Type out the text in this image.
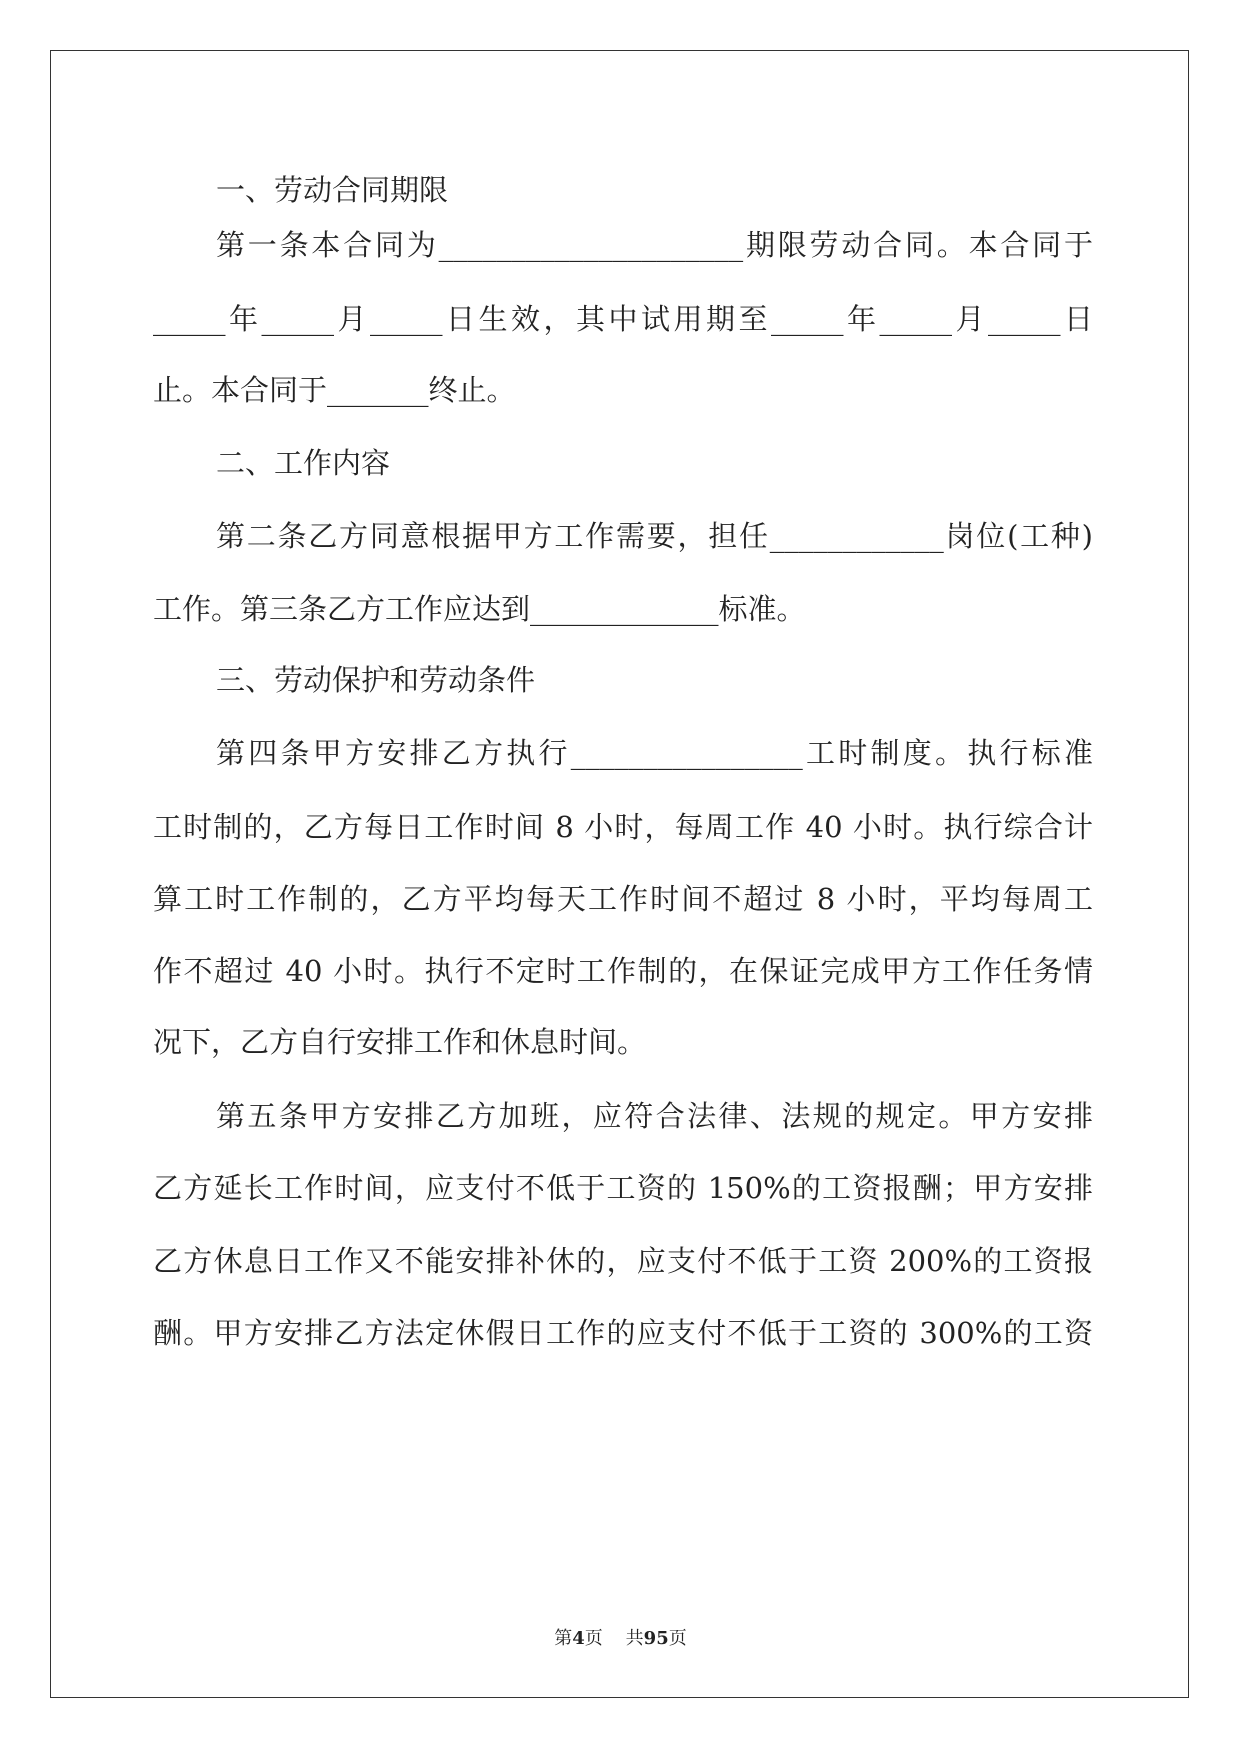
一、劳动合同期限
第一条本合同为_____________________期限劳动合同。本合同于
_____年_____月_____日生效，其中试用期至_____年_____月_____日
止。本合同于_______终止。
二、工作内容
第二条乙方同意根据甲方工作需要，担任____________岗位(工种)
工作。第三条乙方工作应达到_____________标准。
三、劳动保护和劳动条件
第四条甲方安排乙方执行________________工时制度。执行标准
工时制的，乙方每日工作时间 8 小时，每周工作 40 小时。执行综合计
算工时工作制的，乙方平均每天工作时间不超过 8 小时，平均每周工
作不超过 40 小时。执行不定时工作制的，在保证完成甲方工作任务情
况下，乙方自行安排工作和休息时间。
第五条甲方安排乙方加班，应符合法律、法规的规定。甲方安排
乙方延长工作时间，应支付不低于工资的 150%的工资报酬；甲方安排
乙方休息日工作又不能安排补休的，应支付不低于工资 200%的工资报
酬。甲方安排乙方法定休假日工作的应支付不低于工资的 300%的工资
第4页 共95页
